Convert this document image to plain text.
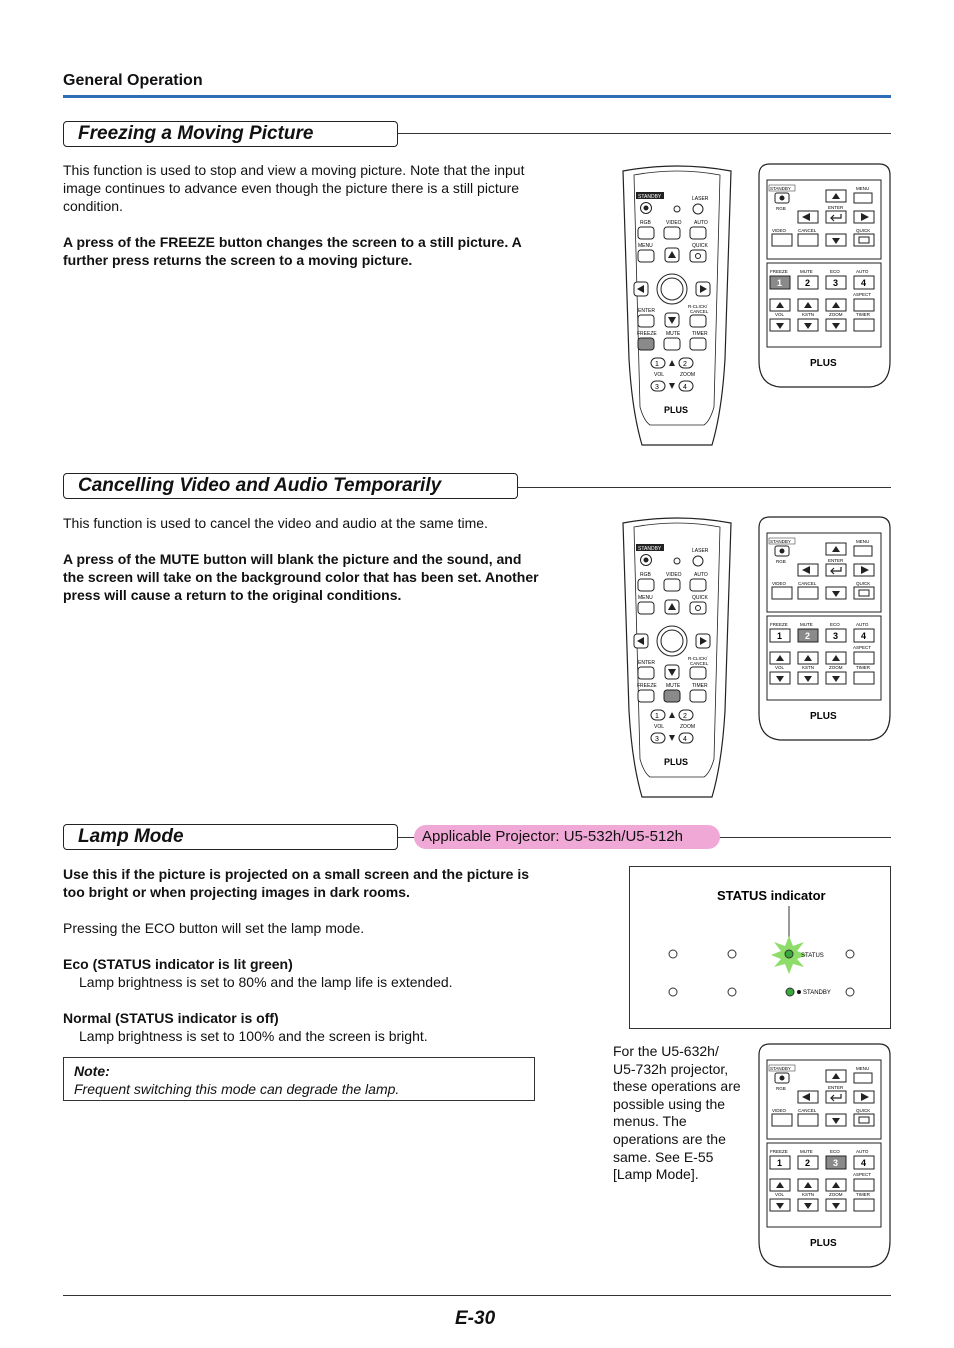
General Operation
Freezing a Moving Picture

This function is used to stop and view a moving picture. Note that the input image continues to advance even though the picture there is a still picture condition.

A press of the FREEZE button changes the screen to a still picture. A further press returns the screen to a moving picture.

Cancelling Video and Audio Temporarily

This function is used to cancel the video and audio at the same time.

A press of the MUTE button will blank the picture and the sound, and the screen will take on the background color that has been set. Another press will cause a return to the original conditions.

Lamp Mode	Applicable Projector: U5-532h/U5-512h

Use this if the picture is projected on a small screen and the picture is too bright or when projecting images in dark rooms.

Pressing the ECO button will set the lamp mode.

Eco (STATUS indicator is lit green)

Lamp brightness is set to 80% and the lamp life is extended.

Normal (STATUS indicator is off)

Lamp brightness is set to 100% and the screen is bright.

Note:
Frequent switching this mode can degrade the lamp.
For the U5-632h/ U5-732h projector, these operations are possible using the menus. The operations are the same. See E-55 [Lamp Mode].
STATUS indicator
STATUS
STANDBY
E-30
STANDBY	LASER
RGB	VIDEO AUTO
MENU	QUICK
ENTER
R-CLICK/
CANCEL
FREEZE MUTE TIMER
1	2
VOL	ZOOM
3	4
PLUS
STANDBY	MENU
RGB	ENTER
VIDEO	CANCEL	QUICK
FREEZE	MUTE	ECO	AUTO
1	2	3	4
ASPECT
VOL	KSTN	ZOOM	TIMER
PLUS
STANDBY	LASER
RGB	VIDEO AUTO
MENU	QUICK
ENTER
R-CLICK/
CANCEL
FREEZE MUTE TIMER
1	2
VOL	ZOOM
3	4
PLUS
STANDBY	MENU
RGB	ENTER
VIDEO	CANCEL	QUICK
FREEZE	MUTE	ECO	AUTO
1	2	3	4
ASPECT
VOL	KSTN	ZOOM	TIMER
PLUS
STANDBY	MENU
RGB	ENTER
VIDEO	CANCEL	QUICK
FREEZE	MUTE	ECO	AUTO
1	2	3	4
ASPECT
VOL	KSTN	ZOOM	TIMER
PLUS
